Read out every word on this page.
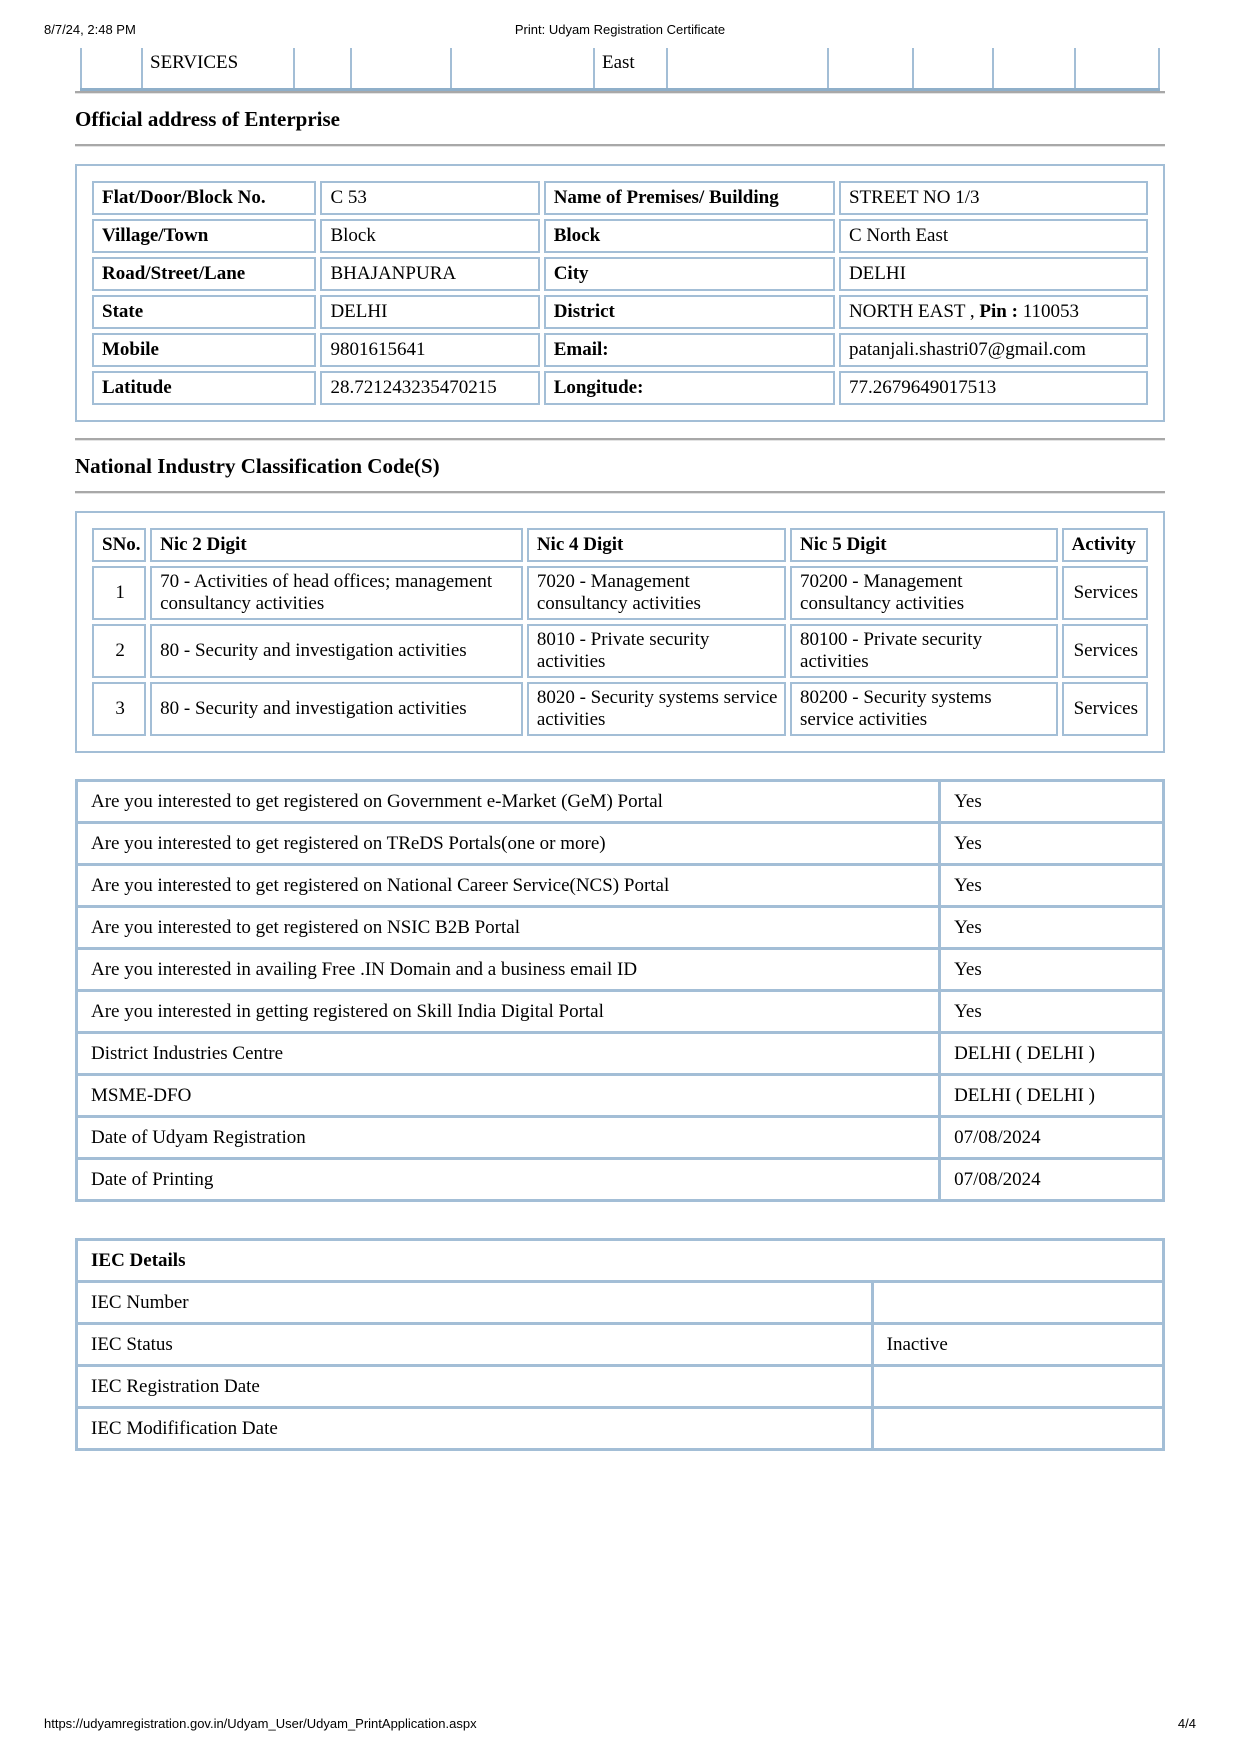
8/7/24, 2:48 PM	Print: Udyam Registration Certificate
SERVICES	East
Official address of Enterprise
Flat/Door/Block No.	C 53	Name of Premises/ Building	STREET NO 1/3
Village/Town	Block	Block	C North East
Road/Street/Lane	BHAJANPURA	City	DELHI
State	DELHI	District	NORTH EAST , Pin : 110053
Mobile	9801615641	Email:	patanjali.shastri07@gmail.com
Latitude	28.721243235470215	Longitude:	77.2679649017513
National Industry Classification Code(S)
SNo.	Nic 2 Digit	Nic 4 Digit	Nic 5 Digit	Activity
1	70 - Activities of head offices; management consultancy activities	7020 - Management consultancy activities	70200 - Management consultancy activities	Services
2	80 - Security and investigation activities	8010 - Private security activities	80100 - Private security activities	Services
3	80 - Security and investigation activities	8020 - Security systems service activities	80200 - Security systems service activities	Services
Are you interested to get registered on Government e-Market (GeM) Portal	Yes
Are you interested to get registered on TReDS Portals(one or more)	Yes
Are you interested to get registered on National Career Service(NCS) Portal	Yes
Are you interested to get registered on NSIC B2B Portal	Yes
Are you interested in availing Free .IN Domain and a business email ID	Yes
Are you interested in getting registered on Skill India Digital Portal	Yes
District Industries Centre	DELHI ( DELHI )
MSME-DFO	DELHI ( DELHI )
Date of Udyam Registration	07/08/2024
Date of Printing	07/08/2024
IEC Details	
IEC Number	
IEC Status	Inactive
IEC Registration Date	
IEC Modifification Date	
https://udyamregistration.gov.in/Udyam_User/Udyam_PrintApplication.aspx	4/4
